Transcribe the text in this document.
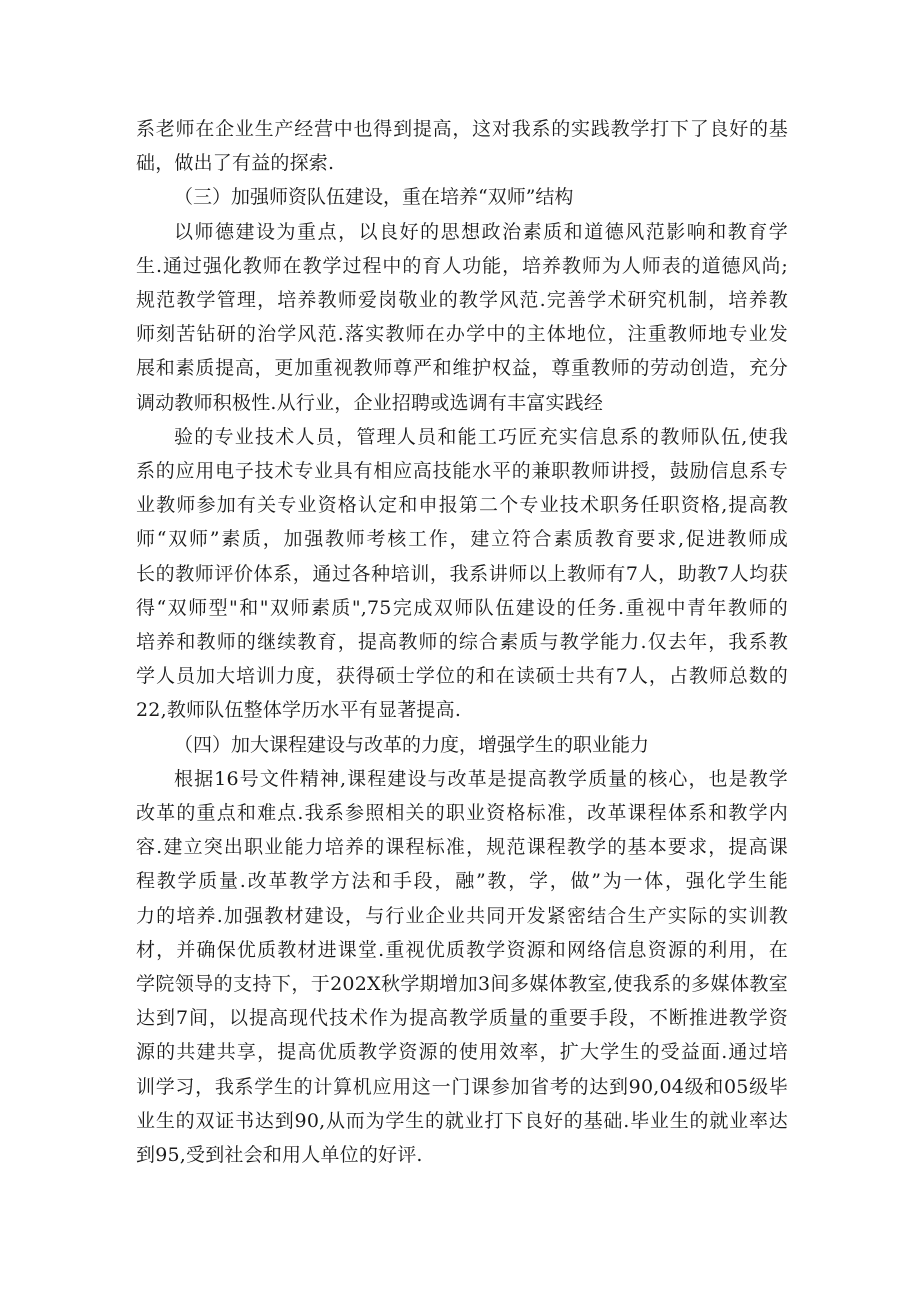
系老师在企业生产经营中也得到提高，这对我系的实践教学打下了良好的基
础，做出了有益的探索.
（三）加强师资队伍建设，重在培养“双师”结构
以师德建设为重点，以良好的思想政治素质和道德风范影响和教育学
生.通过强化教师在教学过程中的育人功能，培养教师为人师表的道德风尚;
规范教学管理，培养教师爱岗敬业的教学风范.完善学术研究机制，培养教
师刻苦钻研的治学风范.落实教师在办学中的主体地位，注重教师地专业发
展和素质提高，更加重视教师尊严和维护权益，尊重教师的劳动创造，充分
调动教师积极性.从行业，企业招聘或选调有丰富实践经
验的专业技术人员，管理人员和能工巧匠充实信息系的教师队伍,使我
系的应用电子技术专业具有相应高技能水平的兼职教师讲授，鼓励信息系专
业教师参加有关专业资格认定和申报第二个专业技术职务任职资格,提高教
师“双师”素质，加强教师考核工作，建立符合素质教育要求,促进教师成
长的教师评价体系，通过各种培训，我系讲师以上教师有7人，助教7人均获
得“双师型"和"双师素质",75完成双师队伍建设的任务.重视中青年教师的
培养和教师的继续教育，提高教师的综合素质与教学能力.仅去年，我系教
学人员加大培训力度，获得硕士学位的和在读硕士共有7人，占教师总数的
22,教师队伍整体学历水平有显著提高.
（四）加大课程建设与改革的力度，增强学生的职业能力
根据16号文件精神,课程建设与改革是提高教学质量的核心，也是教学
改革的重点和难点.我系参照相关的职业资格标准，改革课程体系和教学内
容.建立突出职业能力培养的课程标准，规范课程教学的基本要求，提高课
程教学质量.改革教学方法和手段，融”教，学，做”为一体，强化学生能
力的培养.加强教材建设，与行业企业共同开发紧密结合生产实际的实训教
材，并确保优质教材进课堂.重视优质教学资源和网络信息资源的利用，在
学院领导的支持下，于202X秋学期增加3间多媒体教室,使我系的多媒体教室
达到7间，以提高现代技术作为提高教学质量的重要手段，不断推进教学资
源的共建共享，提高优质教学资源的使用效率，扩大学生的受益面.通过培
训学习，我系学生的计算机应用这一门课参加省考的达到90,04级和05级毕
业生的双证书达到90,从而为学生的就业打下良好的基础.毕业生的就业率达
到95,受到社会和用人单位的好评.
